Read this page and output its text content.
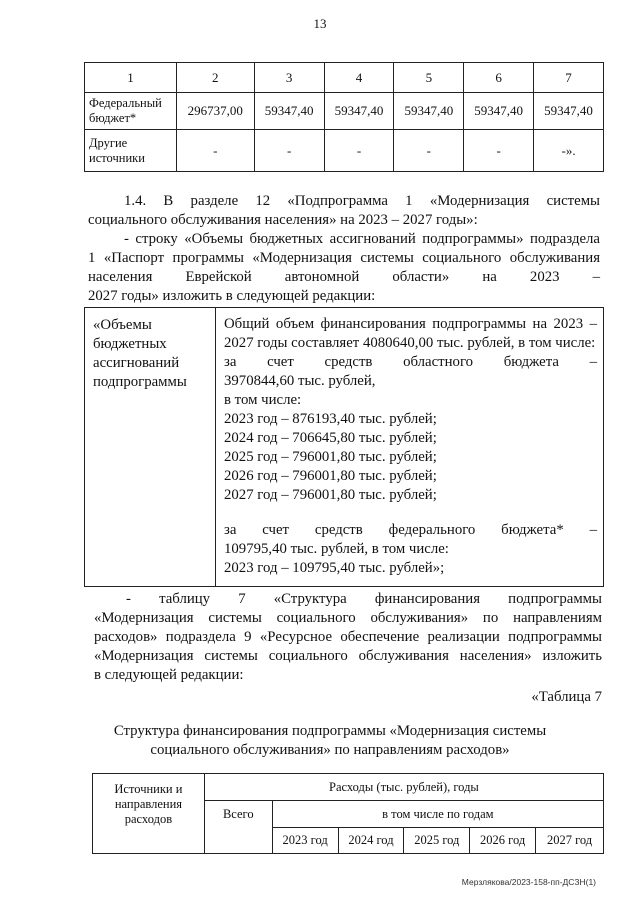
13
1	2	3	4	5	6	7

Федеральный
бюджет*	296737,00	59347,40	59347,40	59347,40	59347,40	59347,40

Другие
источники	-	-	-	-	-	-».
1.4. В разделе 12 «Подпрограмма 1 «Модернизация системы
социального обслуживания населения» на 2023 – 2027 годы»:
- строку «Объемы бюджетных ассигнований подпрограммы» подраздела
1 «Паспорт программы «Модернизация системы социального обслуживания
населения Еврейской автономной области» на 2023 –
2027 годы» изложить в следующей редакции:
«Объемы
бюджетных
ассигнований
подпрограммы

Общий объем финансирования подпрограммы на 2023 –
2027 годы составляет 4080640,00 тыс. рублей, в том числе:
за счет средств областного бюджета –
3970844,60 тыс. рублей,
в том числе:
2023 год – 876193,40 тыс. рублей;
2024 год – 706645,80 тыс. рублей;
2025 год – 796001,80 тыс. рублей;
2026 год – 796001,80 тыс. рублей;
2027 год – 796001,80 тыс. рублей;
за счет средств федерального бюджета* –
109795,40 тыс. рублей, в том числе:
2023 год – 109795,40 тыс. рублей»;
- таблицу 7 «Структура финансирования подпрограммы
«Модернизация системы социального обслуживания» по направлениям
расходов» подраздела 9 «Ресурсное обеспечение реализации подпрограммы
«Модернизация системы социального обслуживания населения» изложить
в следующей редакции:
«Таблица 7
Структура финансирования подпрограммы «Модернизация системы
социального обслуживания» по направлениям расходов»
Источники и
направления
расходов	Расходы (тыс. рублей), годы					
	Всего	в том числе по годам				
		2023 год	2024 год	2025 год	2026 год	2027 год
Мерзлякова/2023-158-пп-ДСЗН(1)
